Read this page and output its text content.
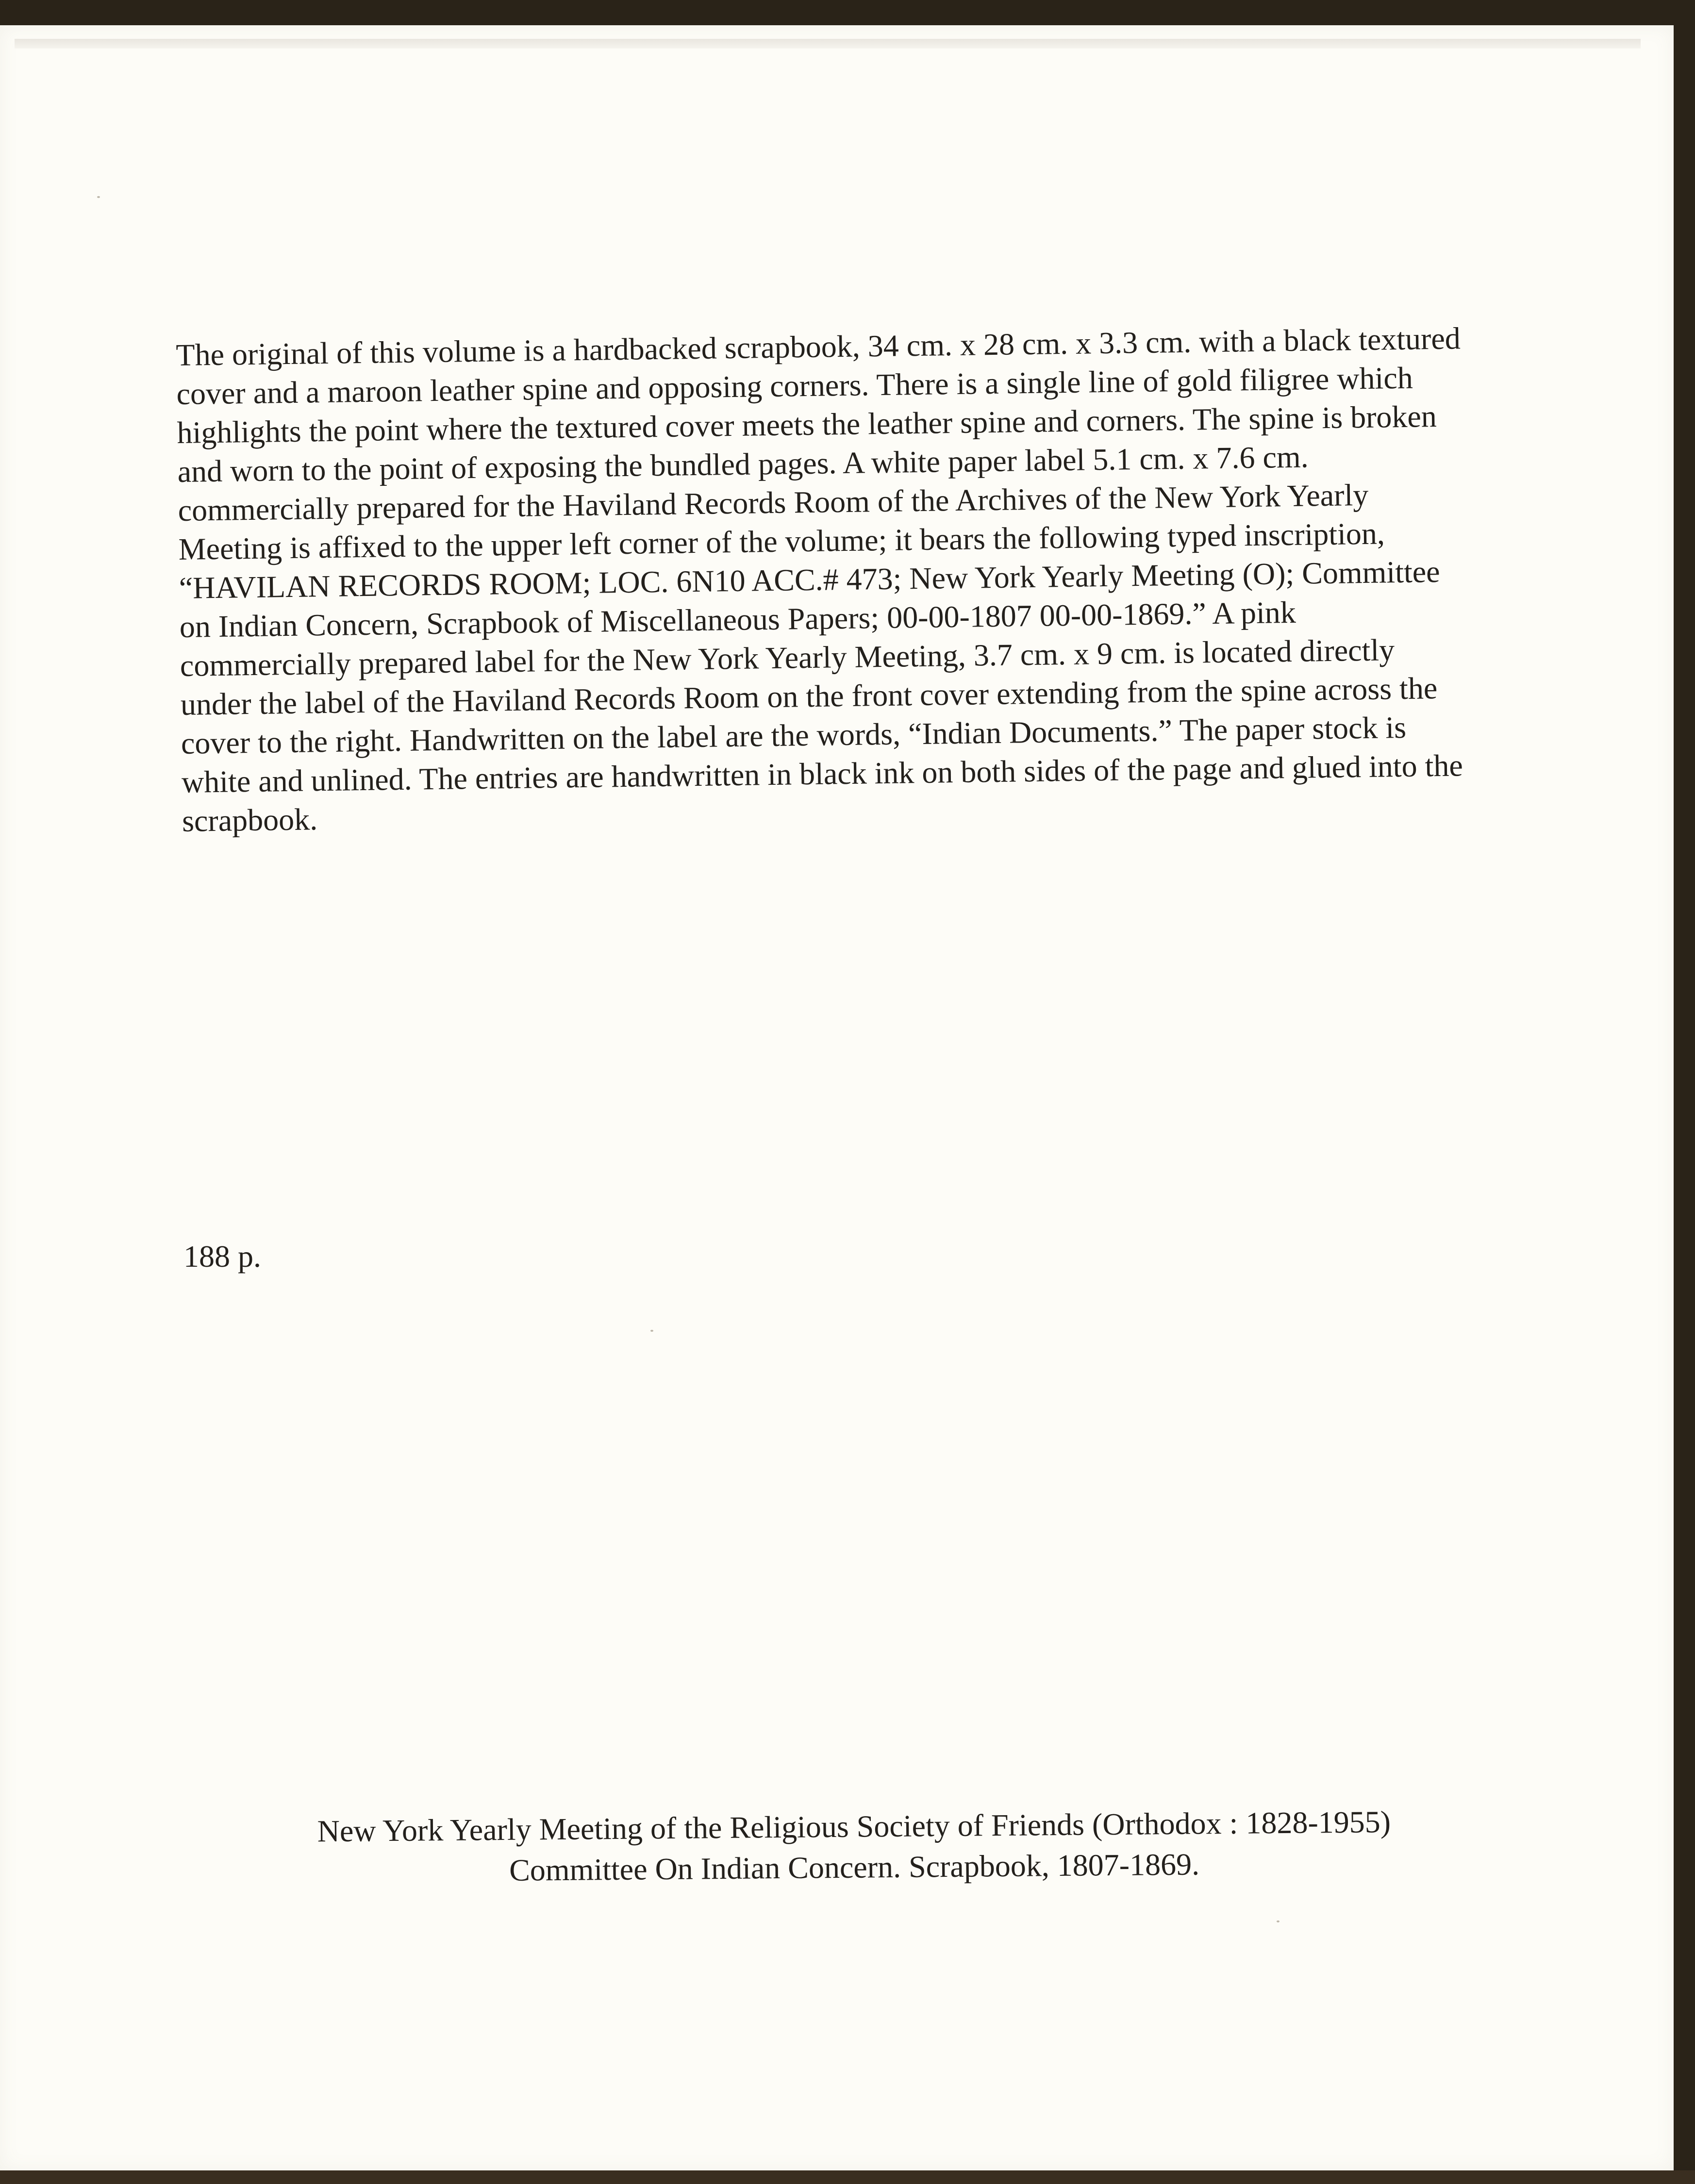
The original of this volume is a hardbacked scrapbook, 34 cm. x 28 cm. x 3.3 cm. with a black textured cover and a maroon leather spine and opposing corners. There is a single line of gold filigree which highlights the point where the textured cover meets the leather spine and corners. The spine is broken and worn to the point of exposing the bundled pages. A white paper label 5.1 cm. x 7.6 cm. commercially prepared for the Haviland Records Room of the Archives of the New York Yearly Meeting is affixed to the upper left corner of the volume; it bears the following typed inscription, “HAVILAN RECORDS ROOM; LOC. 6N10 ACC.# 473; New York Yearly Meeting (O); Committee on Indian Concern, Scrapbook of Miscellaneous Papers; 00-00-1807 00-00-1869.” A pink commercially prepared label for the New York Yearly Meeting, 3.7 cm. x 9 cm. is located directly under the label of the Haviland Records Room on the front cover extending from the spine across the cover to the right. Handwritten on the label are the words, “Indian Documents.” The paper stock is white and unlined. The entries are handwritten in black ink on both sides of the page and glued into the scrapbook.

188 p.

New York Yearly Meeting of the Religious Society of Friends (Orthodox : 1828-1955)

Committee On Indian Concern. Scrapbook, 1807-1869.
